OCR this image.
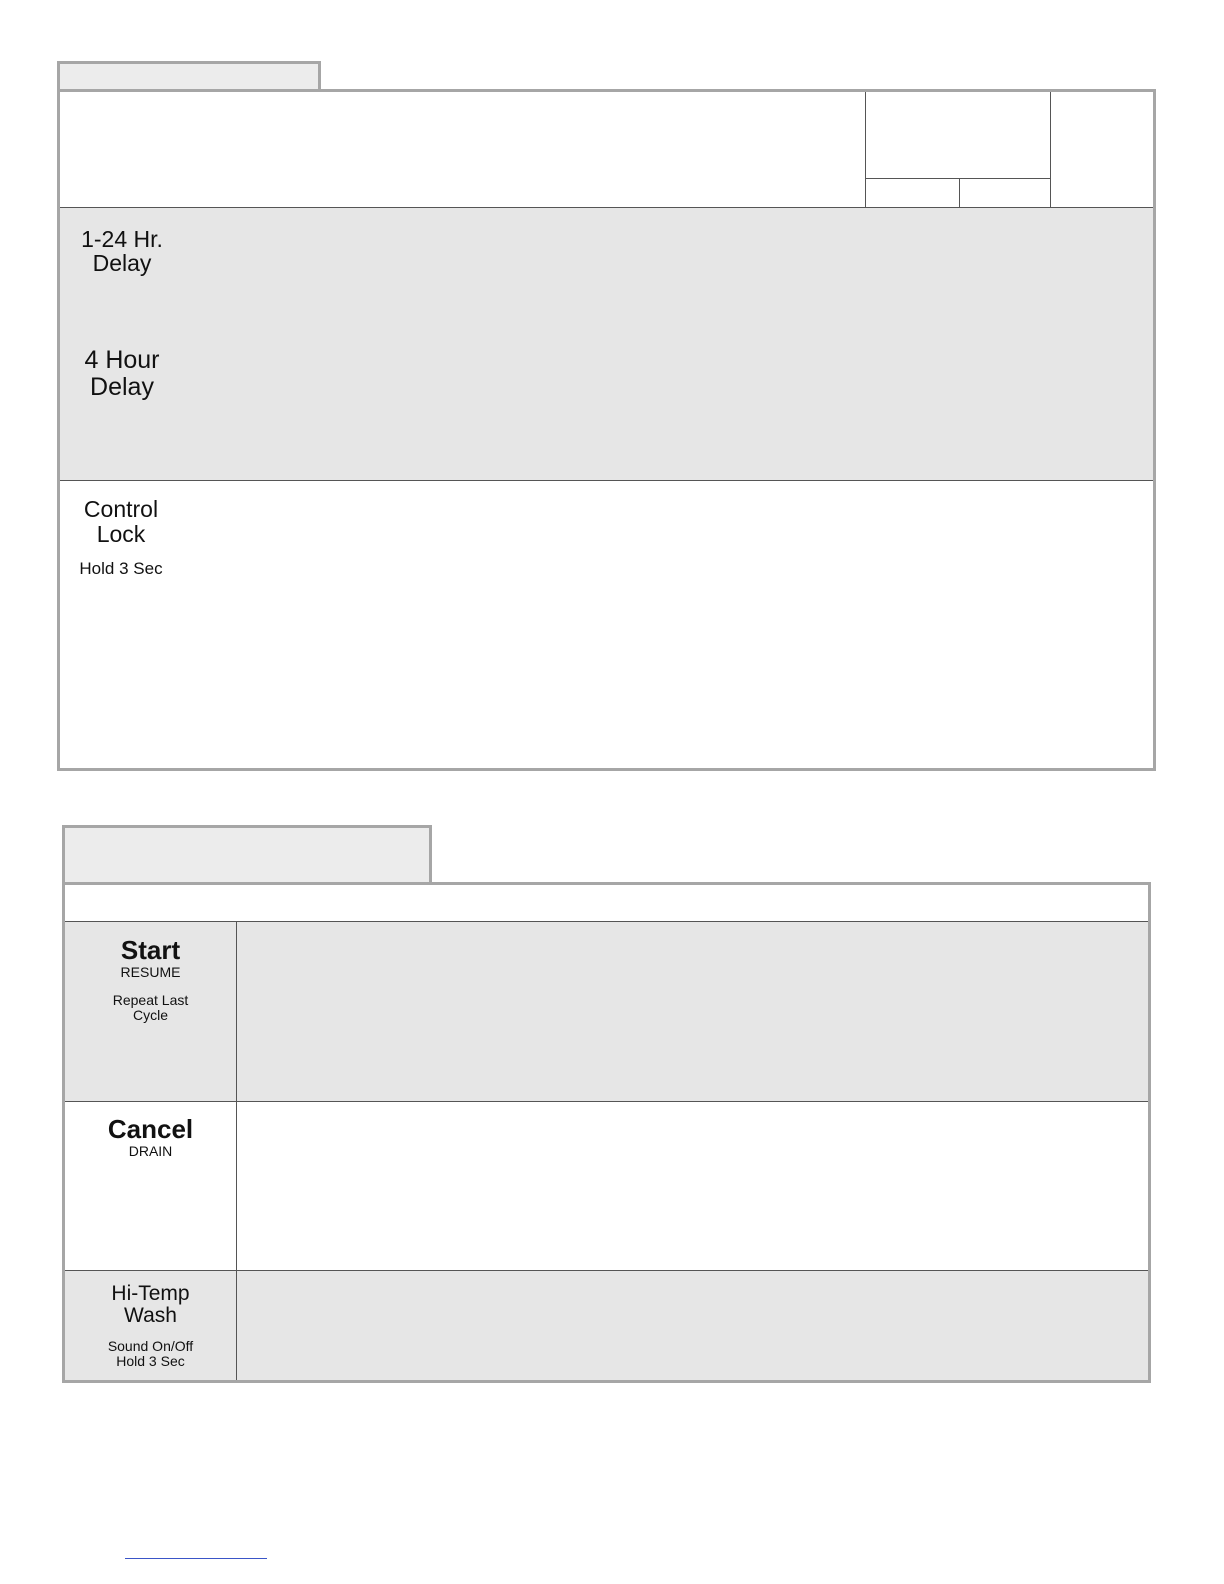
1-24 Hr.
Delay
4 Hour
Delay
Control
Lock
Hold 3 Sec
Start
RESUME
Repeat Last
Cycle
Cancel
DRAIN
Hi-Temp
Wash
Sound On/Off
Hold 3 Sec
